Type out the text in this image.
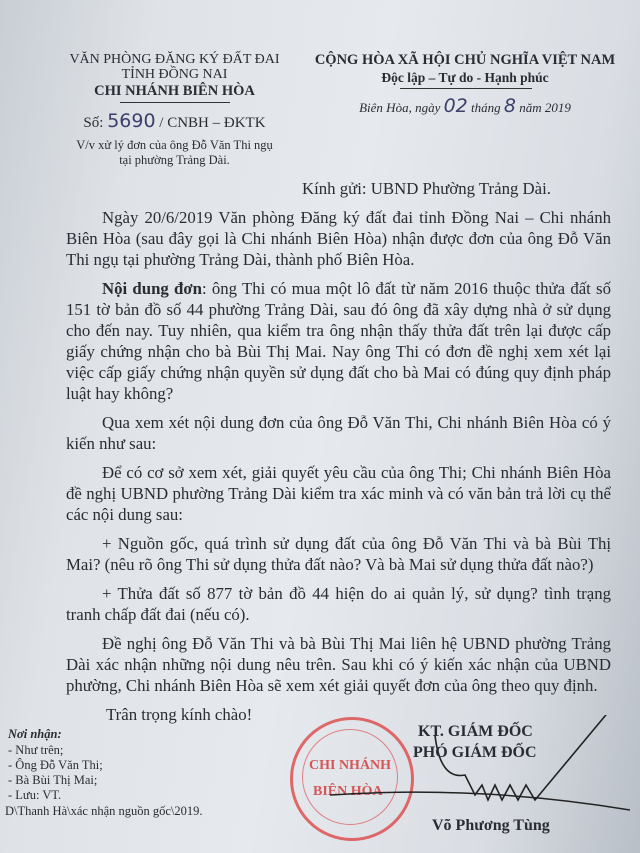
VĂN PHÒNG ĐĂNG KÝ ĐẤT ĐAI
TỈNH ĐỒNG NAI
CHI NHÁNH BIÊN HÒA
Số: 5690 / CNBH – ĐKTK
V/v xử lý đơn của ông Đỗ Văn Thi ngụ
tại phường Trảng Dài.
CỘNG HÒA XÃ HỘI CHỦ NGHĨA VIỆT NAM
Độc lập – Tự do - Hạnh phúc
Biên Hòa, ngày 02 tháng 8 năm 2019
Kính gửi: UBND Phường Trảng Dài.

Ngày 20/6/2019 Văn phòng Đăng ký đất đai tỉnh Đồng Nai – Chi nhánh Biên Hòa (sau đây gọi là Chi nhánh Biên Hòa) nhận được đơn của ông Đỗ Văn Thi ngụ tại phường Trảng Dài, thành phố Biên Hòa.

Nội dung đơn: ông Thi có mua một lô đất từ năm 2016 thuộc thửa đất số 151 tờ bản đồ số 44 phường Trảng Dài, sau đó ông đã xây dựng nhà ở sử dụng cho đến nay. Tuy nhiên, qua kiểm tra ông nhận thấy thửa đất trên lại được cấp giấy chứng nhận cho bà Bùi Thị Mai. Nay ông Thi có đơn đề nghị xem xét lại việc cấp giấy chứng nhận quyền sử dụng đất cho bà Mai có đúng quy định pháp luật hay không?

Qua xem xét nội dung đơn của ông Đỗ Văn Thi, Chi nhánh Biên Hòa có ý kiến như sau:

Để có cơ sở xem xét, giải quyết yêu cầu của ông Thi; Chi nhánh Biên Hòa đề nghị UBND phường Trảng Dài kiểm tra xác minh và có văn bản trả lời cụ thể các nội dung sau:

+ Nguồn gốc, quá trình sử dụng đất của ông Đỗ Văn Thi và bà Bùi Thị Mai? (nêu rõ ông Thi sử dụng thửa đất nào? Và bà Mai sử dụng thửa đất nào?)

+ Thửa đất số 877 tờ bản đồ 44 hiện do ai quản lý, sử dụng? tình trạng tranh chấp đất đai (nếu có).

Đề nghị ông Đỗ Văn Thi và bà Bùi Thị Mai liên hệ UBND phường Trảng Dài xác nhận những nội dung nêu trên. Sau khi có ý kiến xác nhận của UBND phường, Chi nhánh Biên Hòa sẽ xem xét giải quyết đơn của ông theo quy định.

Trân trọng kính chào!
Nơi nhận:
- Như trên;
- Ông Đỗ Văn Thi;
- Bà Bùi Thị Mai;
- Lưu: VT.
D\Thanh Hà\xác nhận nguồn gốc\2019.
CHI NHÁNH
BIÊN HÒA
KT. GIÁM ĐỐC
PHÓ GIÁM ĐỐC
Võ Phương Tùng
